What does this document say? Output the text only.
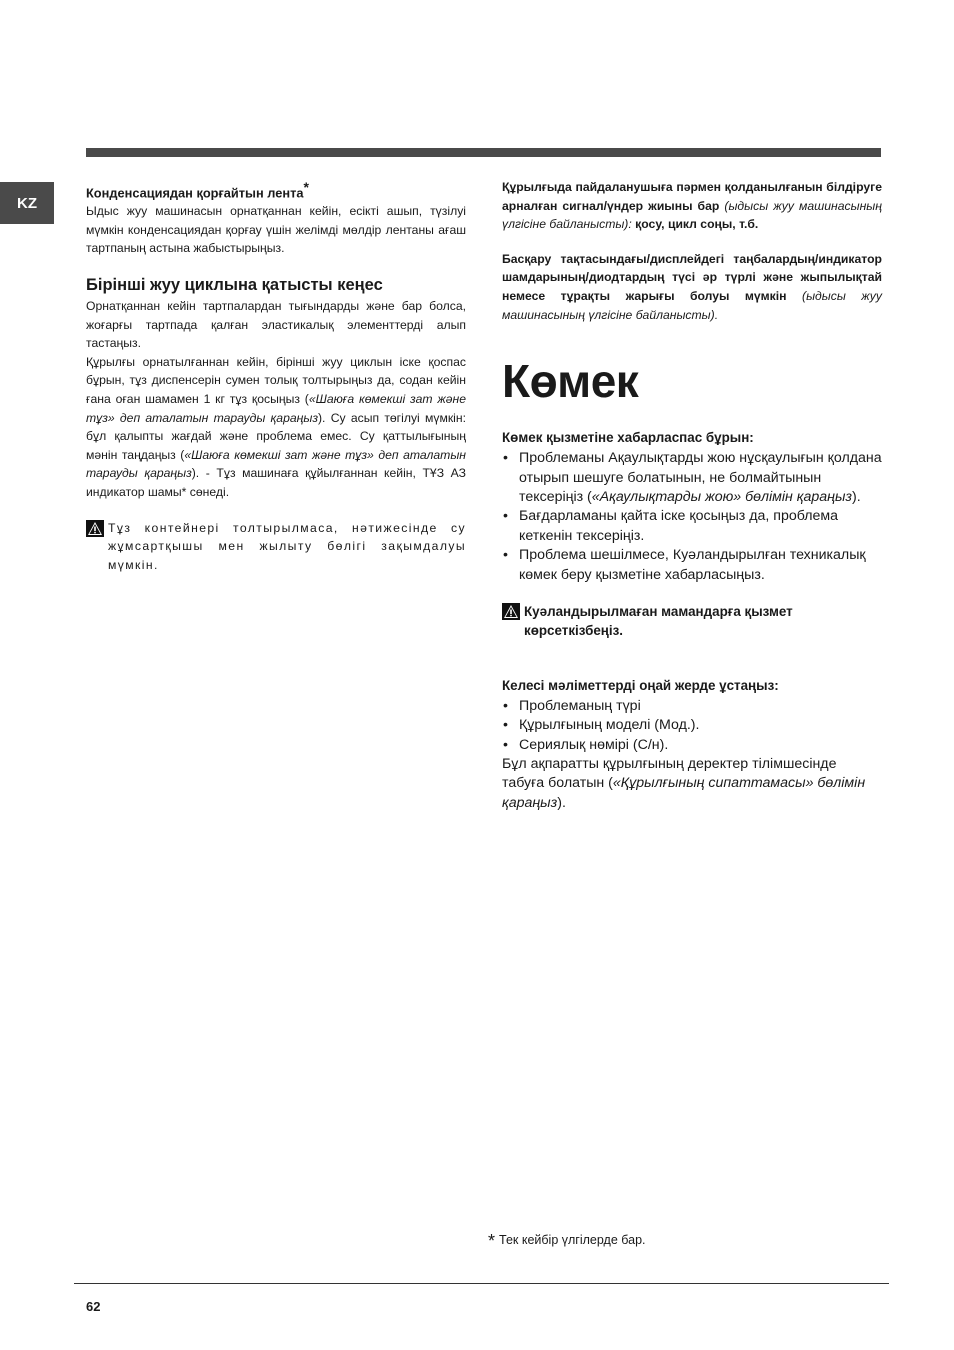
KZ

Конденсациядан қорғайтын лента*

Ыдыс жуу машинасын орнатқаннан кейін, есікті ашып, түзілуі мүмкін конденсациядан қорғау үшін желімді мөлдір лентаны ағаш тартпаның астына жабыстырыңыз.

Бірінші жуу циклына қатысты кеңес

Орнатқаннан кейін тартпалардан тығындарды және бар болса, жоғарғы тартпада қалған эластикалық элементтерді алып тастаңыз.

Құрылғы орнатылғаннан кейін, бірінші жуу циклын іске қоспас бұрын, тұз диспенсерін сумен толық толтырыңыз да, содан кейін ғана оған шамамен 1 кг тұз қосыңыз («Шаюға көмекші зат және тұз» деп аталатын тарауды қараңыз). Су асып төгілуі мүмкін: бұл қалыпты жағдай және проблема емес. Су қаттылығының мәнін таңдаңыз («Шаюға көмекші зат және тұз» деп аталатын тарауды қараңыз). - Тұз машинаға құйылғаннан кейін, ТҰЗ АЗ индикатор шамы* сөнеді.

Тұз контейнері толтырылмаса, нәтижесінде су жұмсартқышы мен жылыту бөлігі зақымдалуы мүмкін.

Құрылғыда пайдаланушыға пәрмен қолданылғанын білдіруге арналған сигнал/үндер жиыны бар (ыдысы жуу машинасының үлгісіне байланысты): қосу, цикл соңы, т.б.

Басқару тақтасындағы/дисплейдегі таңбалардың/индикатор шамдарының/диодтардың түсі әр түрлі және жыпылықтай немесе тұрақты жарығы болуы мүмкін (ыдысы жуу машинасының үлгісіне байланысты).

Көмек

Көмек қызметіне хабарласпас бұрын:

• Проблеманы Ақаулықтарды жою нұсқаулығын қолдана отырып шешуге болатынын, не болмайтынын тексеріңіз («Ақаулықтарды жою» бөлімін қараңыз).
• Бағдарламаны қайта іске қосыңыз да, проблема кеткенін тексеріңіз.
• Проблема шешілмесе, Куәландырылған техникалық көмек беру қызметіне хабарласыңыз.

Куәландырылмаған мамандарға қызмет көрсеткізбеңіз.

Келесі мәліметтерді оңай жерде ұстаңыз:

• Проблеманың түрі
• Құрылғының моделі (Мод.).
• Сериялық нөмірі (С/н).

Бұл ақпаратты құрылғының деректер тілімшесінде табуға болатын («Құрылғының сипаттамасы» бөлімін қараңыз).

* Тек кейбір үлгілерде бар.
62
